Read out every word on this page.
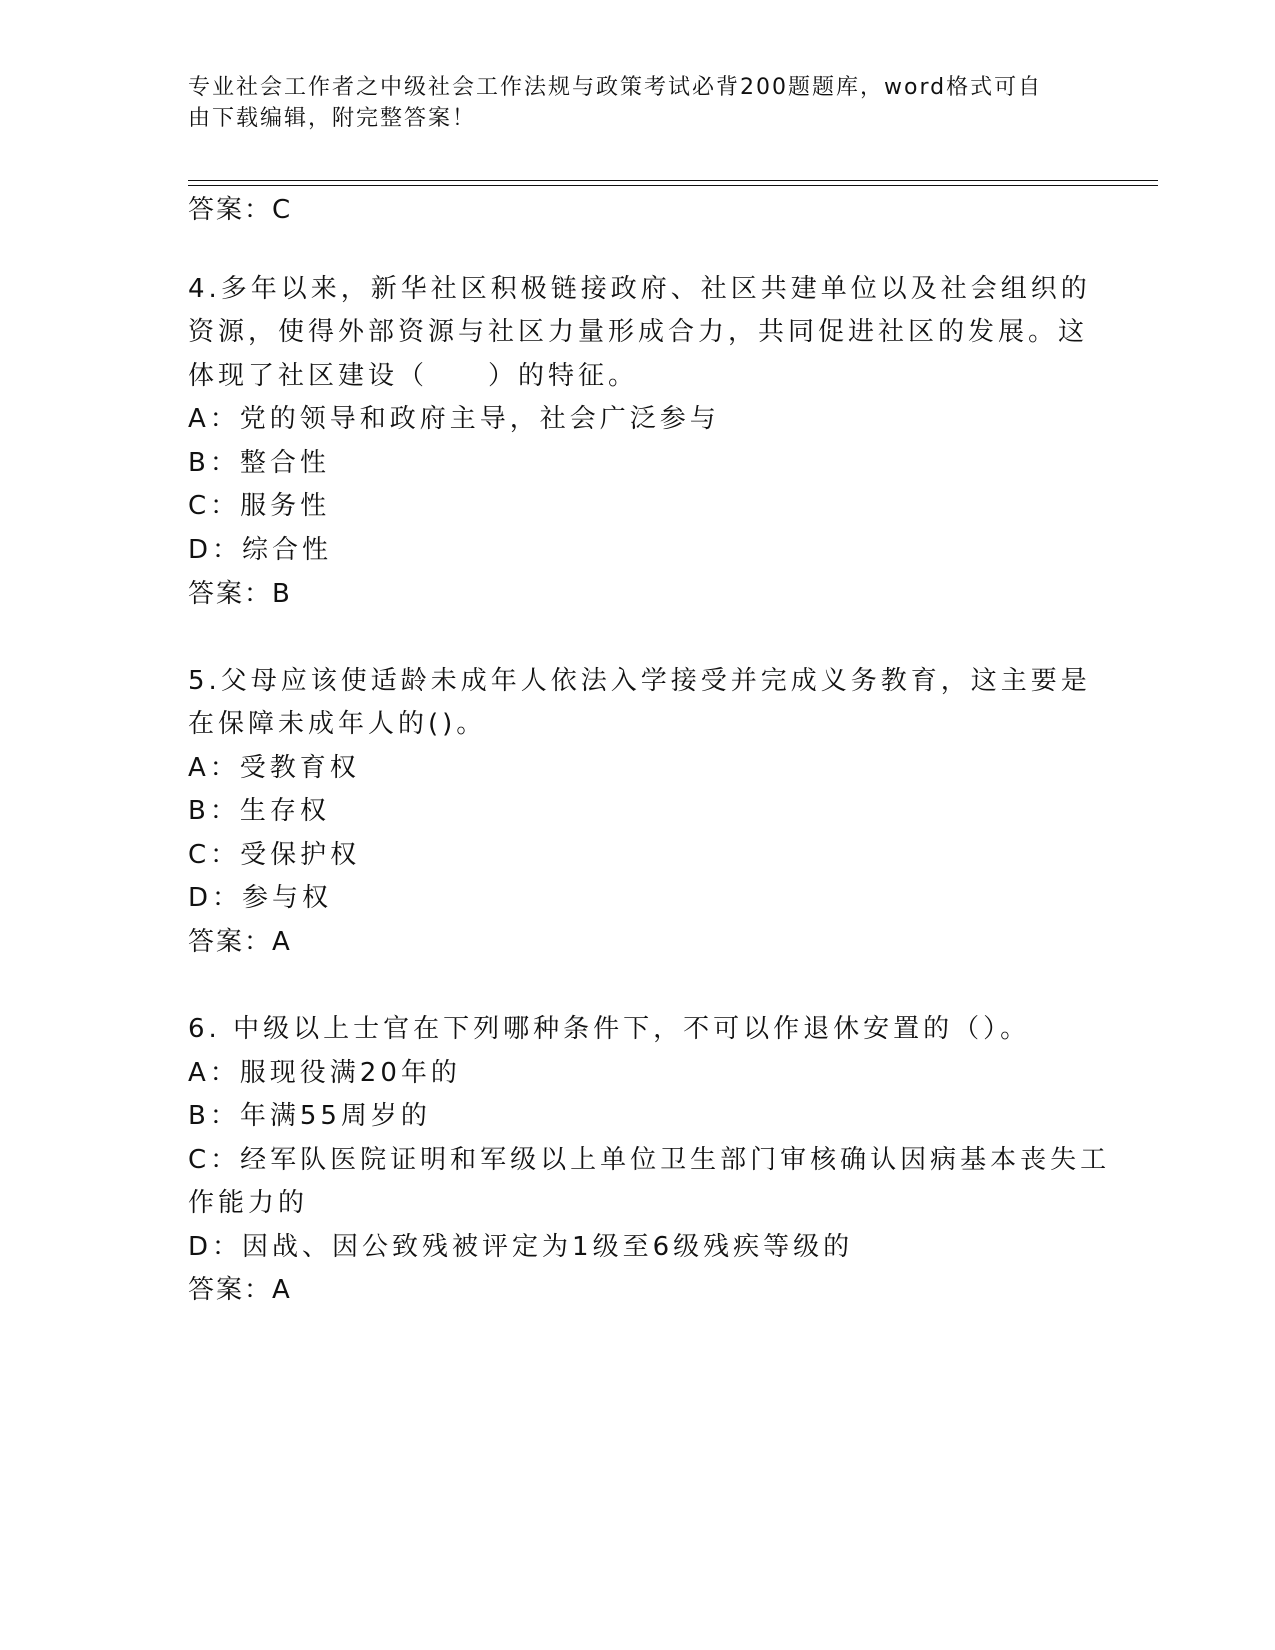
专业社会工作者之中级社会工作法规与政策考试必背200题题库，word格式可自
由下载编辑，附完整答案！
答案：C
4.多年以来，新华社区积极链接政府、社区共建单位以及社会组织的
资源，使得外部资源与社区力量形成合力，共同促进社区的发展。这
体现了社区建设（　　）的特征。
A：党的领导和政府主导，社会广泛参与
B：整合性
C：服务性
D：综合性
答案：B
5.父母应该使适龄未成年人依法入学接受并完成义务教育，这主要是
在保障未成年人的()。
A：受教育权
B：生存权
C：受保护权
D：参与权
答案：A
6. 中级以上士官在下列哪种条件下，不可以作退休安置的（）。
A：服现役满20年的
B：年满55周岁的
C：经军队医院证明和军级以上单位卫生部门审核确认因病基本丧失工
作能力的
D：因战、因公致残被评定为1级至6级残疾等级的
答案：A
